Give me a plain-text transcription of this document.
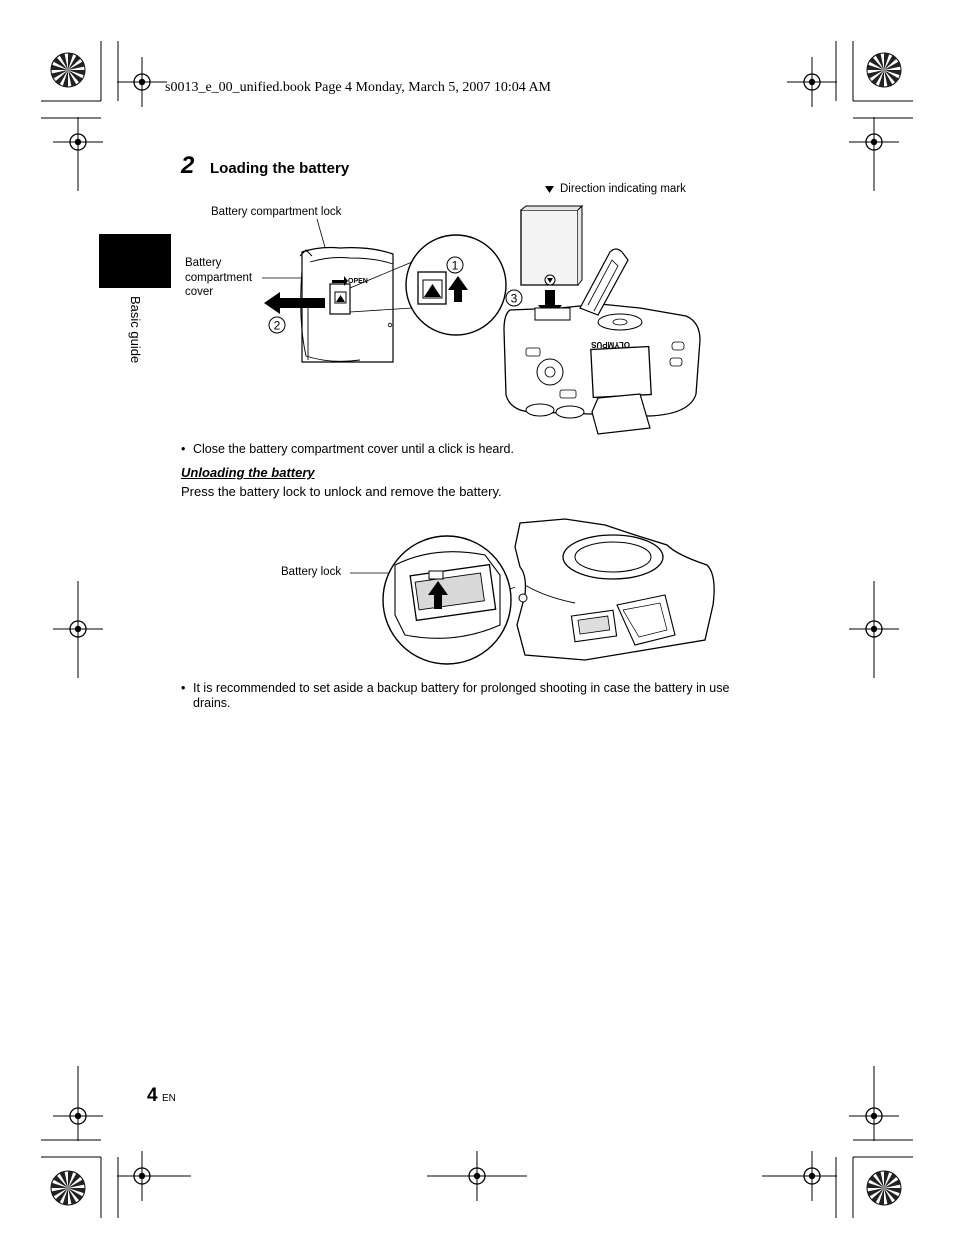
s0013_e_00_unified.book Page 4 Monday, March 5, 2007 10:04 AM
Basic guide
2 Loading the battery
Battery compartment lock
Battery
compartment
cover
Direction indicating mark
OPEN
2
1
3
OLYMPUS
• Close the battery compartment cover until a click is heard.
Unloading the battery
Press the battery lock to unlock and remove the battery.
Battery lock
• It is recommended to set aside a backup battery for prolonged shooting in case the battery in use
drains.
4 EN
